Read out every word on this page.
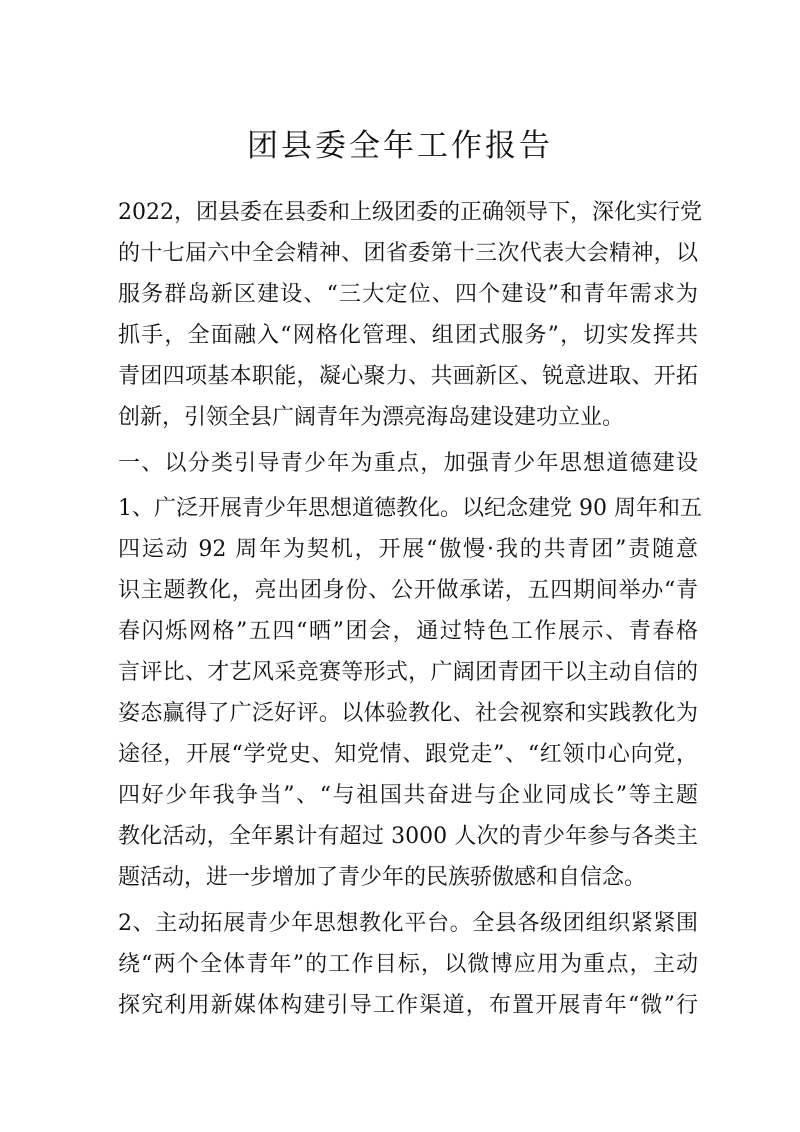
团县委全年工作报告
2022，团县委在县委和上级团委的正确领导下，深化实行党
的十七届六中全会精神、团省委第十三次代表大会精神，以
服务群岛新区建设、“三大定位、四个建设”和青年需求为
抓手，全面融入“网格化管理、组团式服务”，切实发挥共
青团四项基本职能，凝心聚力、共画新区、锐意进取、开拓
创新，引领全县广阔青年为漂亮海岛建设建功立业。
一、以分类引导青少年为重点，加强青少年思想道德建设
1、广泛开展青少年思想道德教化。以纪念建党 90 周年和五
四运动 92 周年为契机，开展“傲慢·我的共青团”责随意
识主题教化，亮出团身份、公开做承诺，五四期间举办“青
春闪烁网格”五四“晒”团会，通过特色工作展示、青春格
言评比、才艺风采竞赛等形式，广阔团青团干以主动自信的
姿态赢得了广泛好评。以体验教化、社会视察和实践教化为
途径，开展“学党史、知党情、跟党走”、“红领巾心向党，
四好少年我争当”、“与祖国共奋进与企业同成长”等主题
教化活动，全年累计有超过 3000 人次的青少年参与各类主
题活动，进一步增加了青少年的民族骄傲感和自信念。
2、主动拓展青少年思想教化平台。全县各级团组织紧紧围
绕“两个全体青年”的工作目标，以微博应用为重点，主动
探究利用新媒体构建引导工作渠道，布置开展青年“微”行
